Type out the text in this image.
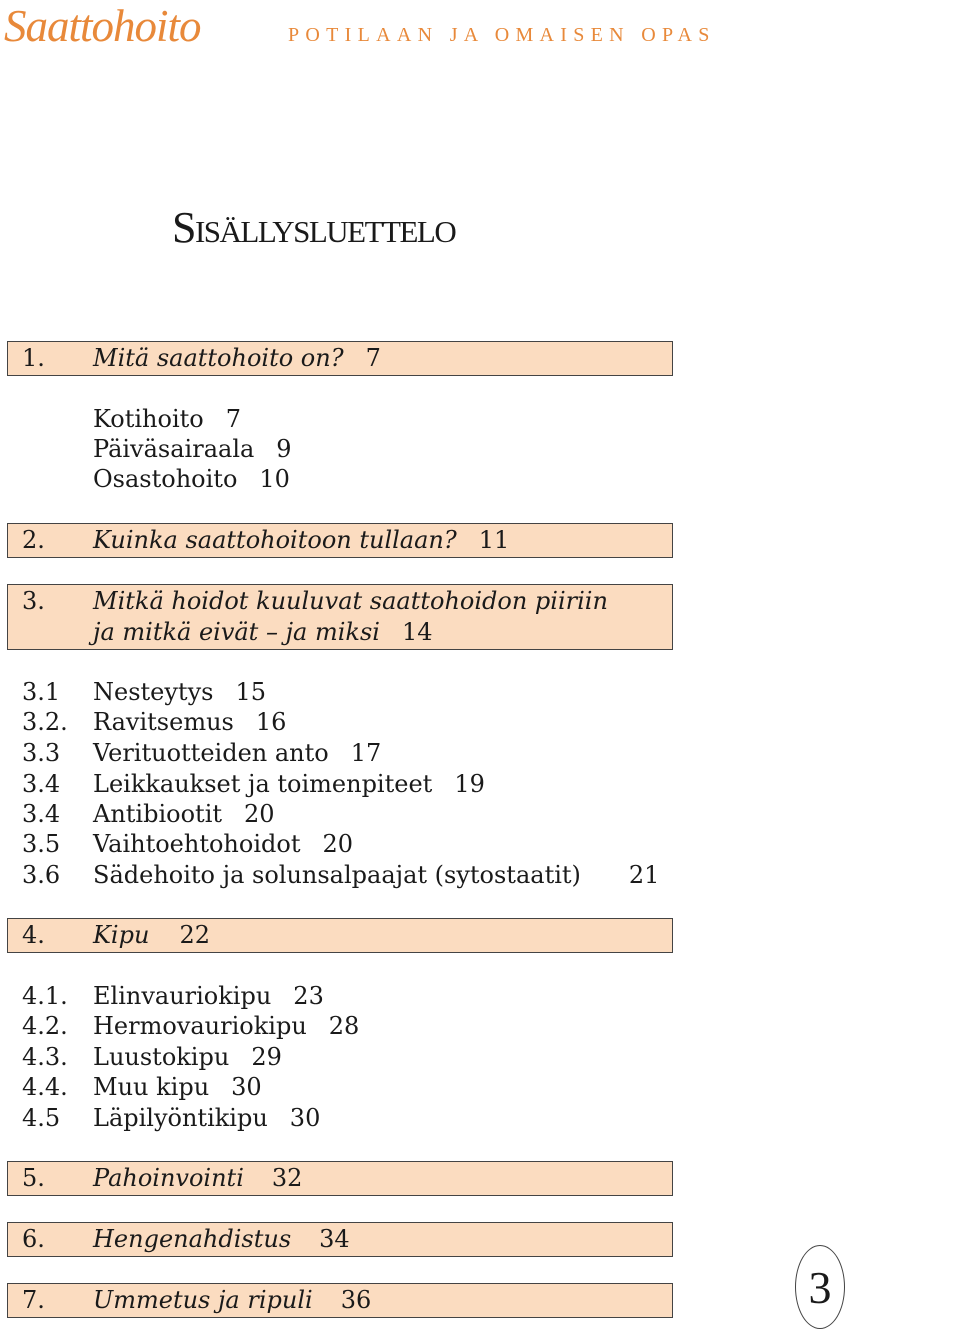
Saattohoito	POTILAAN JA OMAISEN OPAS
Sisällysluettelo
1.	Mitä saattohoito on? 7
Kotihoito 7
Päiväsairaala 9
Osastohoito 10
2.	Kuinka saattohoitoon tullaan? 11
3.	Mitkä hoidot kuuluvat saattohoidon piiriin
ja mitkä eivät – ja miksi 14
3.1	Nesteytys 15
3.2.	Ravitsemus 16
3.3	Verituotteiden anto 17
3.4	Leikkaukset ja toimenpiteet 19
3.4	Antibiootit 20
3.5	Vaihtoehtohoidot 20
3.6	Sädehoito ja solunsalpaajat (sytostaatit) 21
4.	Kipu 22
4.1.	Elinvauriokipu 23
4.2.	Hermovauriokipu 28
4.3.	Luustokipu 29
4.4.	Muu kipu 30
4.5	Läpilyöntikipu 30
5.	Pahoinvointi 32
6.	Hengenahdistus 34
7.	Ummetus ja ripuli 36	3
